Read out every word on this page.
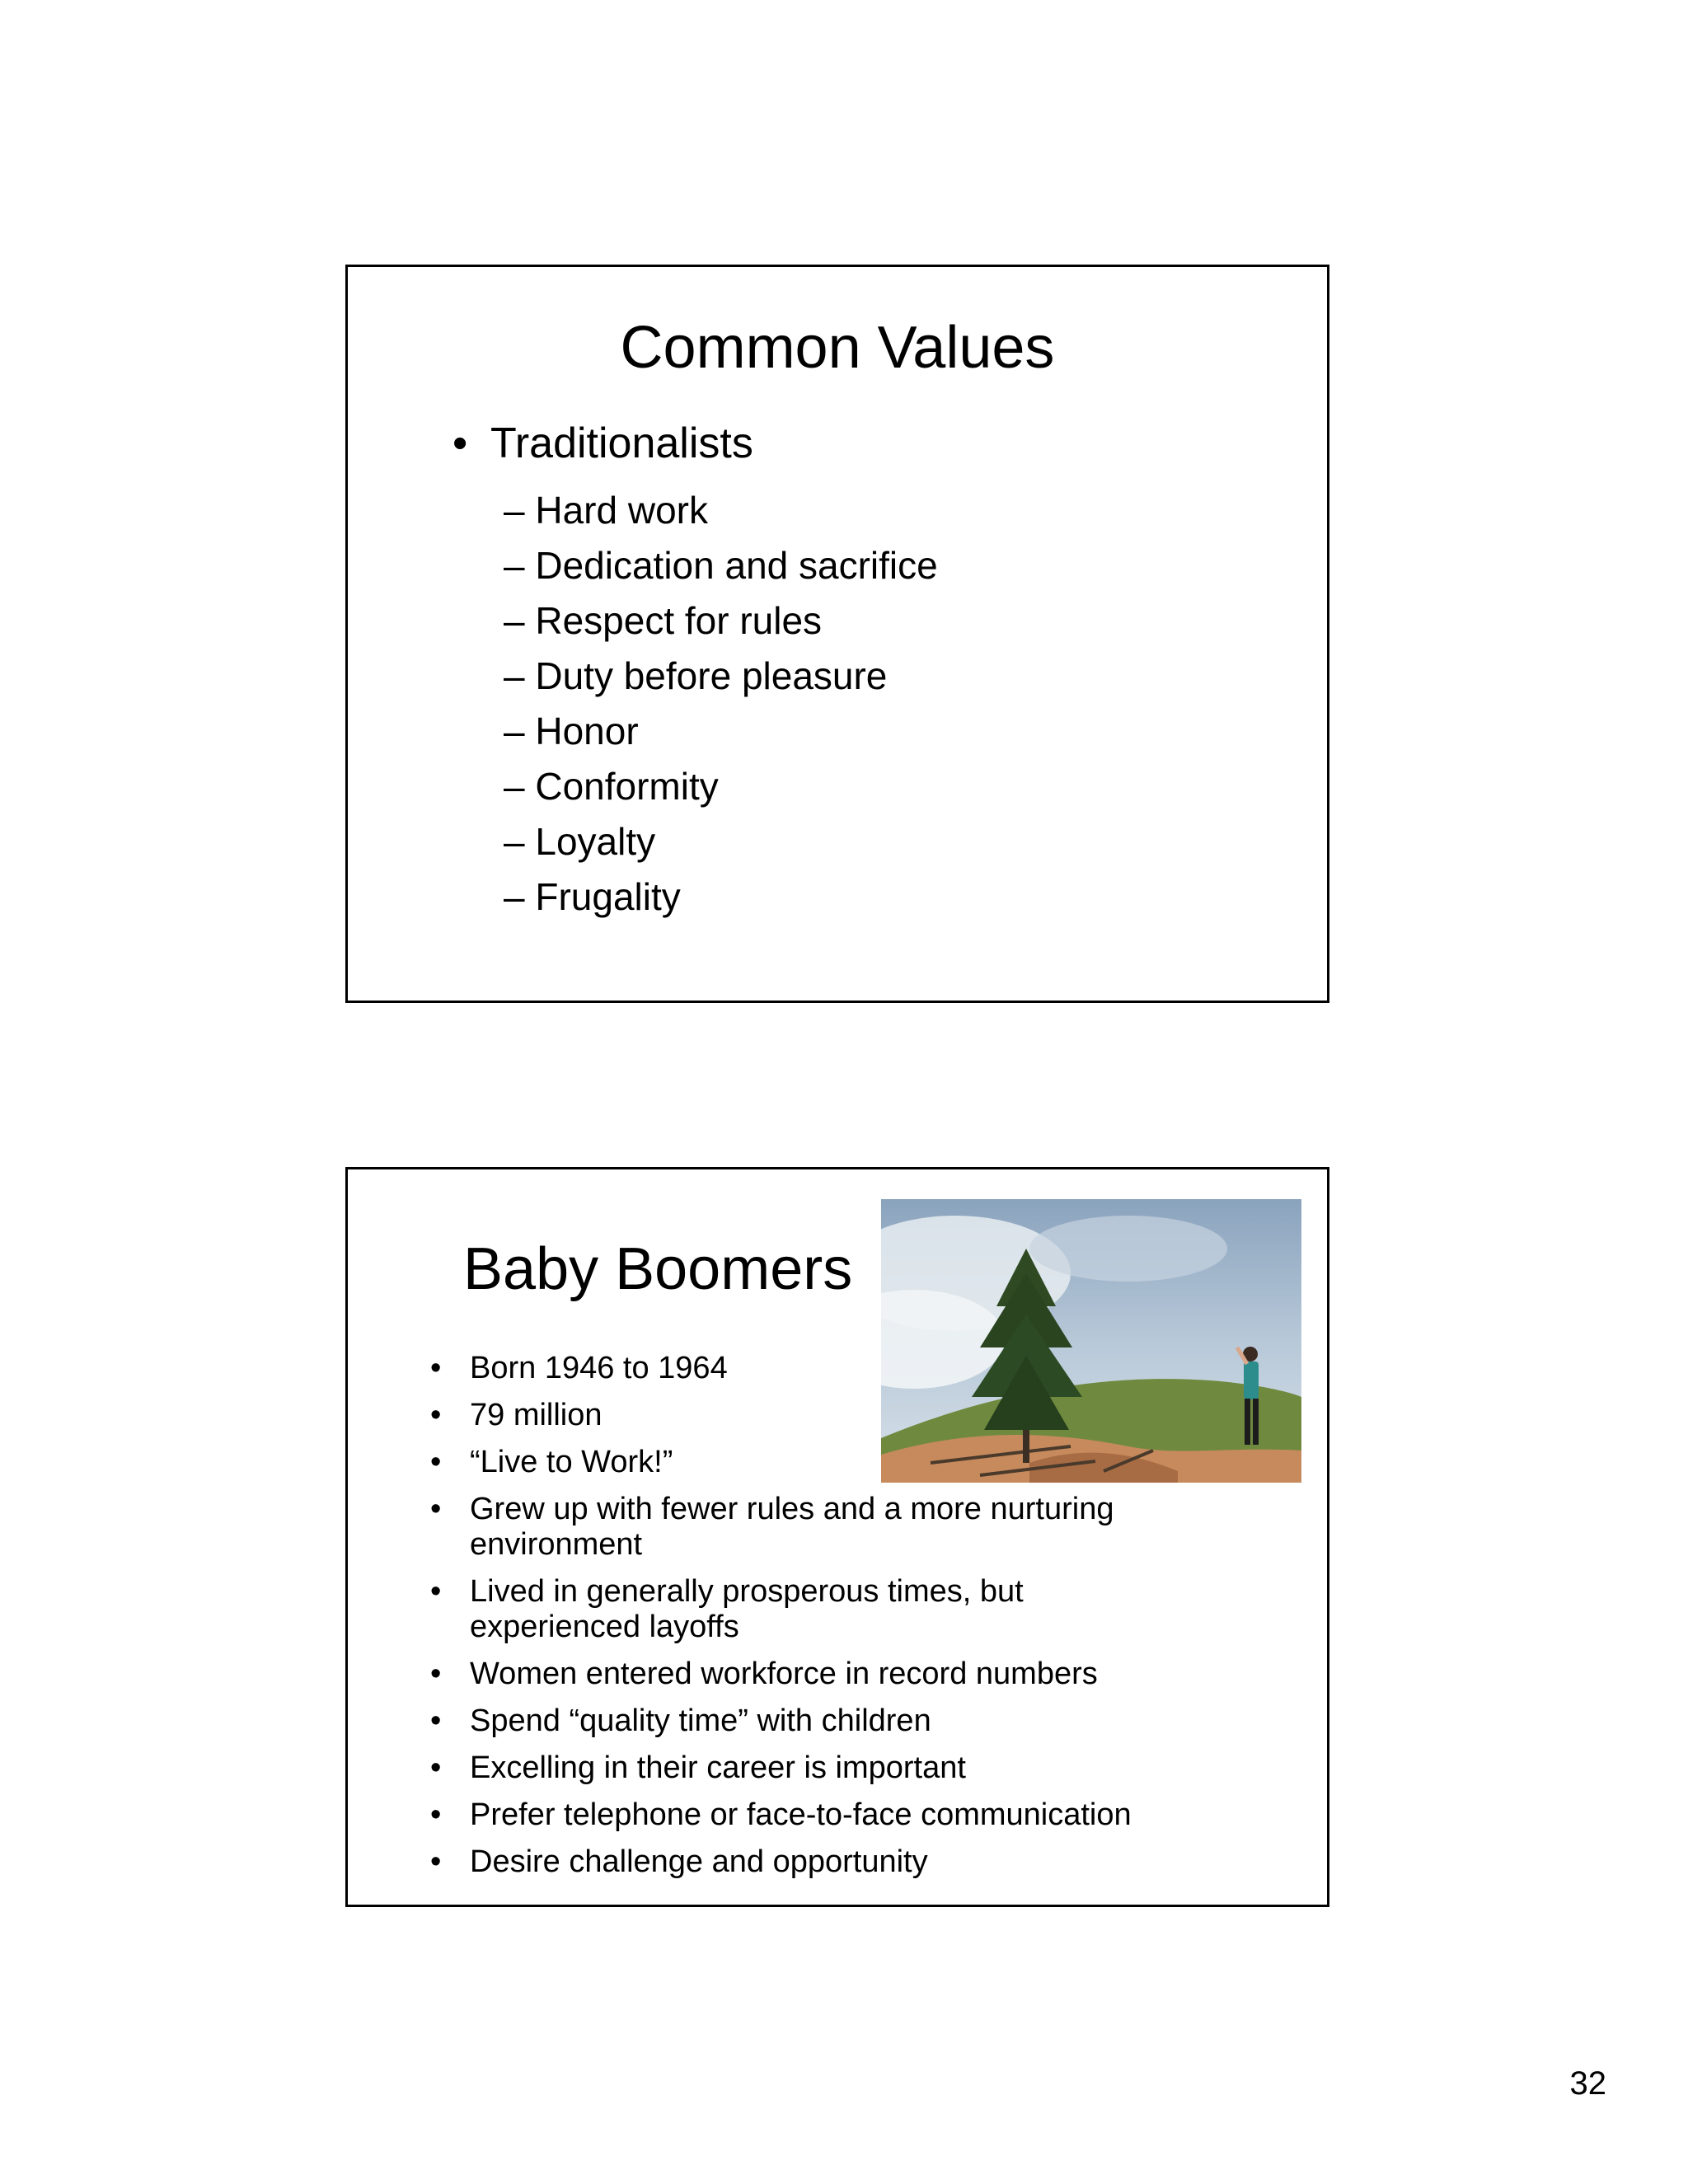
Common Values
• Traditionalists
– Hard work
– Dedication and sacrifice
– Respect for rules
– Duty before pleasure
– Honor
– Conformity
– Loyalty
– Frugality
Baby Boomers
• Born 1946 to 1964
• 79 million
• “Live to Work!”
• Grew up with fewer rules and a more nurturing environment
• Lived in generally prosperous times, but experienced layoffs
• Women entered workforce in record numbers
• Spend “quality time” with children
• Excelling in their career is important
• Prefer telephone or face-to-face communication
• Desire challenge and opportunity
32
